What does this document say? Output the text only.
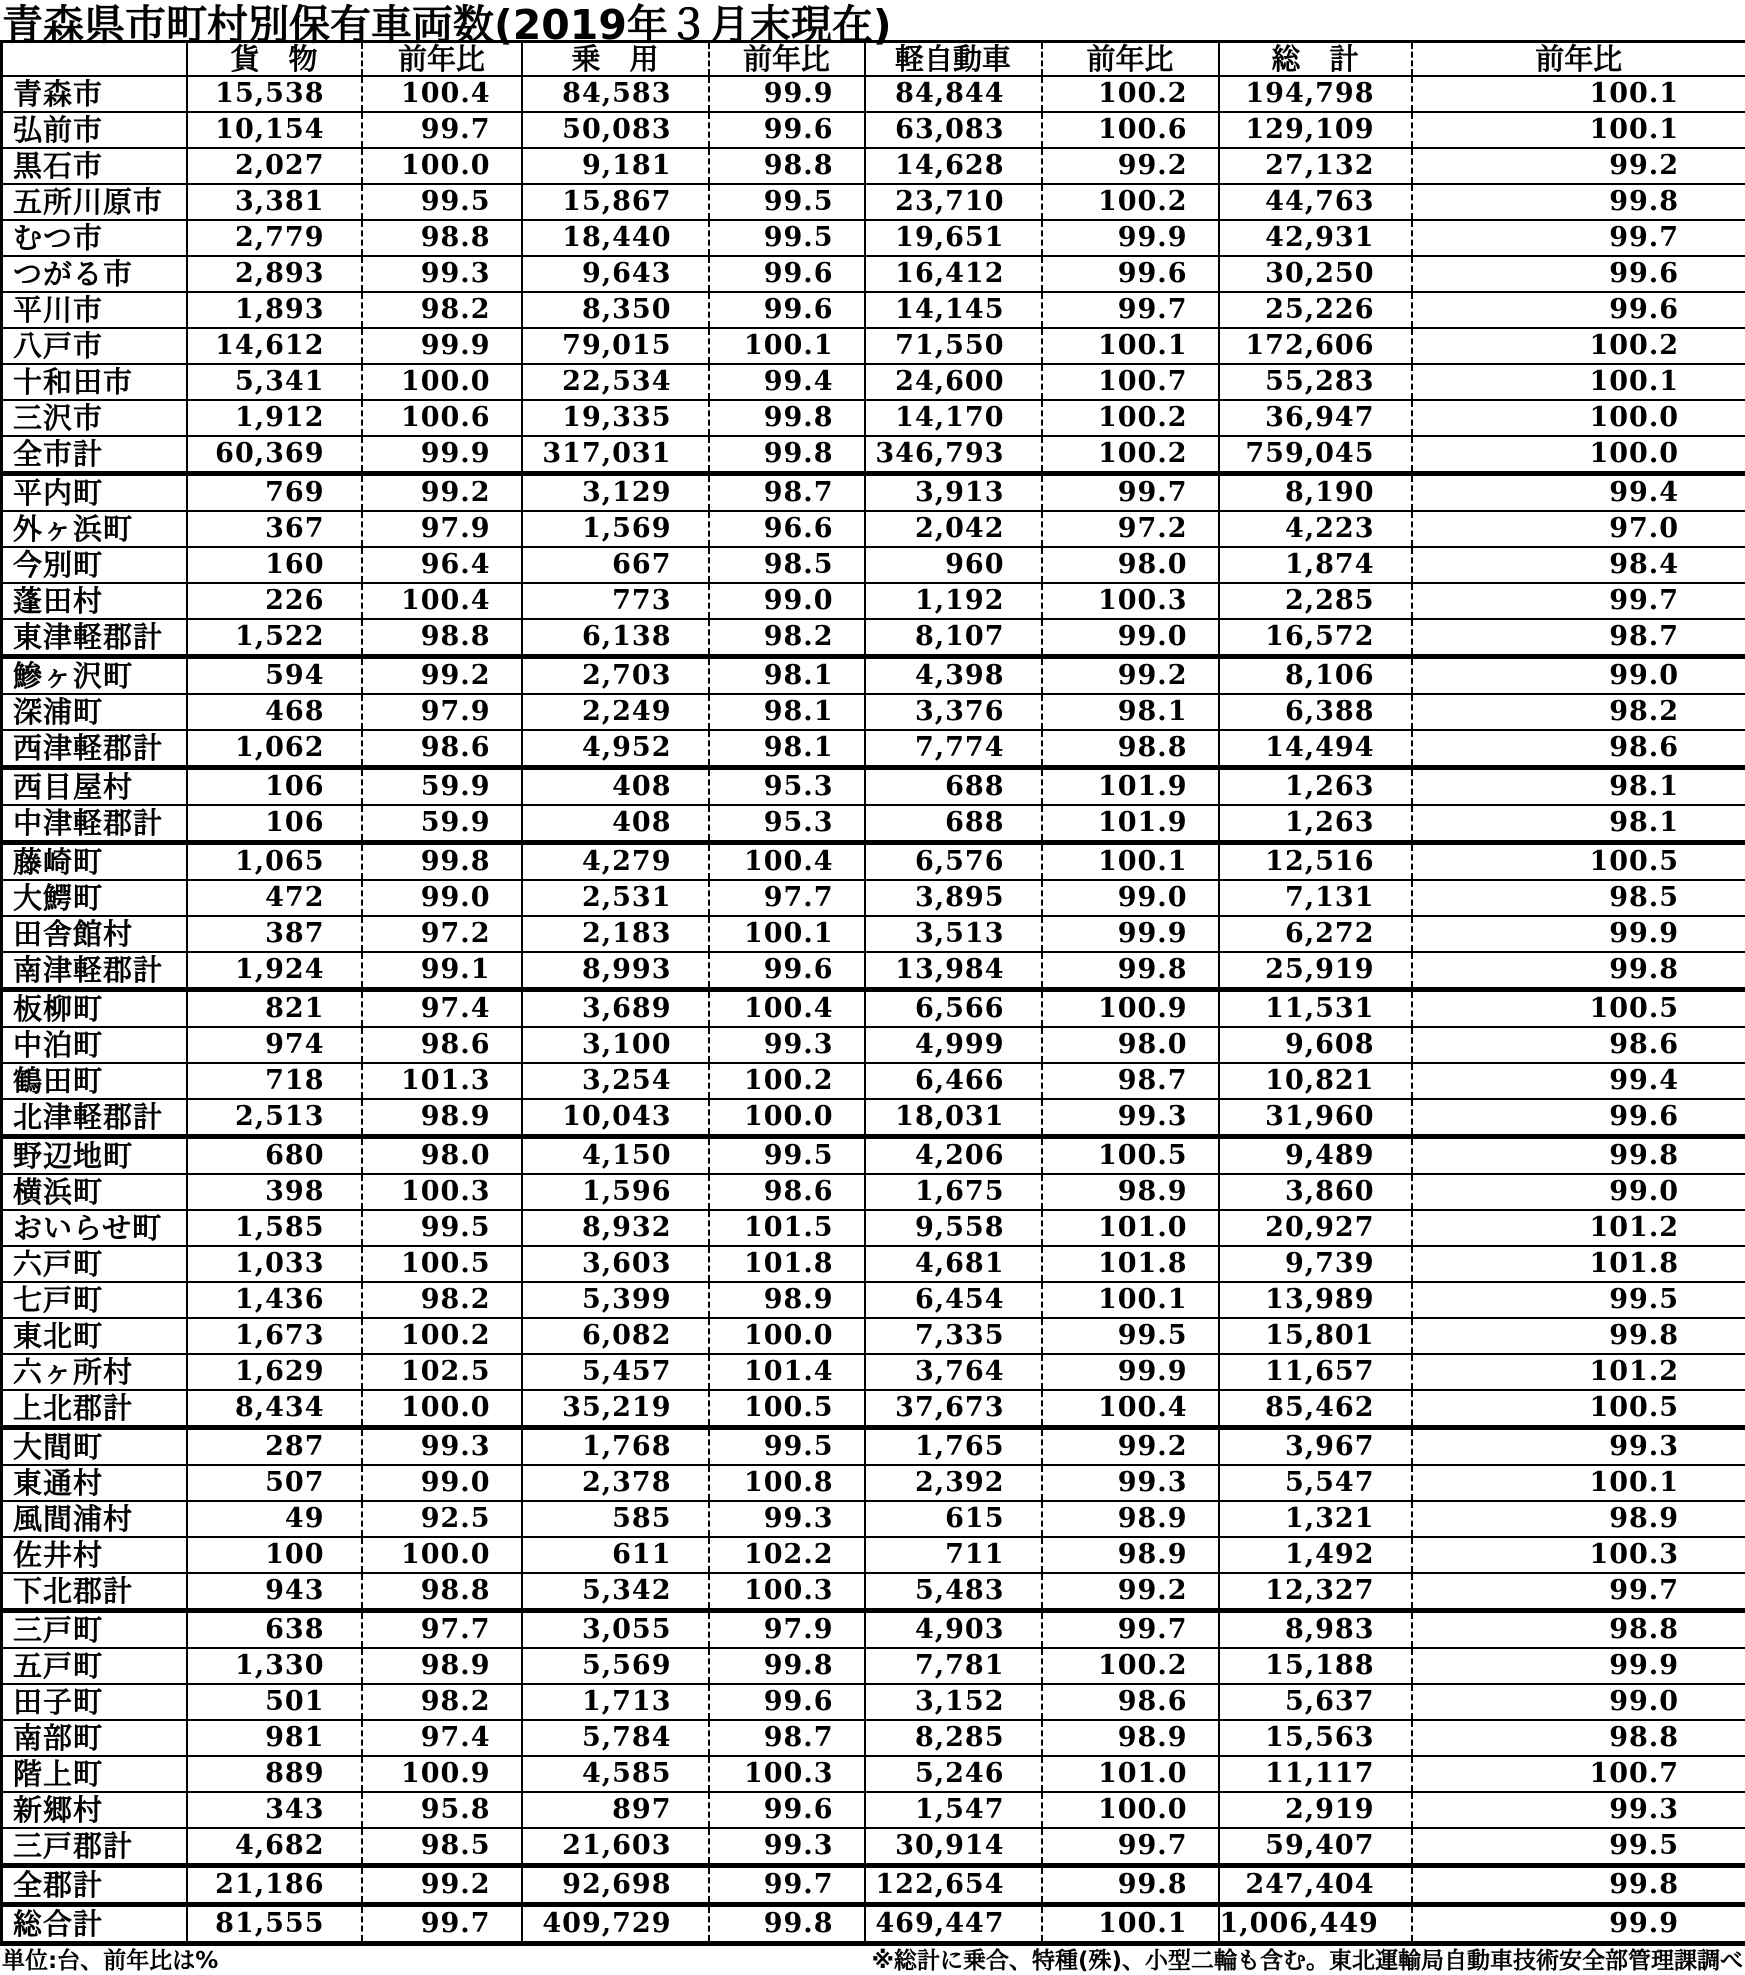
青森県市町村別保有車両数(2019年３月末現在)
	貨　物	前年比	乗　用	前年比	軽自動車	前年比	総　計	前年比
青森市	15,538	100.4	84,583	99.9	84,844	100.2	194,798	100.1
弘前市	10,154	99.7	50,083	99.6	63,083	100.6	129,109	100.1
黒石市	2,027	100.0	9,181	98.8	14,628	99.2	27,132	99.2
五所川原市	3,381	99.5	15,867	99.5	23,710	100.2	44,763	99.8
むつ市	2,779	98.8	18,440	99.5	19,651	99.9	42,931	99.7
つがる市	2,893	99.3	9,643	99.6	16,412	99.6	30,250	99.6
平川市	1,893	98.2	8,350	99.6	14,145	99.7	25,226	99.6
八戸市	14,612	99.9	79,015	100.1	71,550	100.1	172,606	100.2
十和田市	5,341	100.0	22,534	99.4	24,600	100.7	55,283	100.1
三沢市	1,912	100.6	19,335	99.8	14,170	100.2	36,947	100.0
全市計	60,369	99.9	317,031	99.8	346,793	100.2	759,045	100.0
平内町	769	99.2	3,129	98.7	3,913	99.7	8,190	99.4
外ヶ浜町	367	97.9	1,569	96.6	2,042	97.2	4,223	97.0
今別町	160	96.4	667	98.5	960	98.0	1,874	98.4
蓬田村	226	100.4	773	99.0	1,192	100.3	2,285	99.7
東津軽郡計	1,522	98.8	6,138	98.2	8,107	99.0	16,572	98.7
鰺ヶ沢町	594	99.2	2,703	98.1	4,398	99.2	8,106	99.0
深浦町	468	97.9	2,249	98.1	3,376	98.1	6,388	98.2
西津軽郡計	1,062	98.6	4,952	98.1	7,774	98.8	14,494	98.6
西目屋村	106	59.9	408	95.3	688	101.9	1,263	98.1
中津軽郡計	106	59.9	408	95.3	688	101.9	1,263	98.1
藤崎町	1,065	99.8	4,279	100.4	6,576	100.1	12,516	100.5
大鰐町	472	99.0	2,531	97.7	3,895	99.0	7,131	98.5
田舎館村	387	97.2	2,183	100.1	3,513	99.9	6,272	99.9
南津軽郡計	1,924	99.1	8,993	99.6	13,984	99.8	25,919	99.8
板柳町	821	97.4	3,689	100.4	6,566	100.9	11,531	100.5
中泊町	974	98.6	3,100	99.3	4,999	98.0	9,608	98.6
鶴田町	718	101.3	3,254	100.2	6,466	98.7	10,821	99.4
北津軽郡計	2,513	98.9	10,043	100.0	18,031	99.3	31,960	99.6
野辺地町	680	98.0	4,150	99.5	4,206	100.5	9,489	99.8
横浜町	398	100.3	1,596	98.6	1,675	98.9	3,860	99.0
おいらせ町	1,585	99.5	8,932	101.5	9,558	101.0	20,927	101.2
六戸町	1,033	100.5	3,603	101.8	4,681	101.8	9,739	101.8
七戸町	1,436	98.2	5,399	98.9	6,454	100.1	13,989	99.5
東北町	1,673	100.2	6,082	100.0	7,335	99.5	15,801	99.8
六ヶ所村	1,629	102.5	5,457	101.4	3,764	99.9	11,657	101.2
上北郡計	8,434	100.0	35,219	100.5	37,673	100.4	85,462	100.5
大間町	287	99.3	1,768	99.5	1,765	99.2	3,967	99.3
東通村	507	99.0	2,378	100.8	2,392	99.3	5,547	100.1
風間浦村	49	92.5	585	99.3	615	98.9	1,321	98.9
佐井村	100	100.0	611	102.2	711	98.9	1,492	100.3
下北郡計	943	98.8	5,342	100.3	5,483	99.2	12,327	99.7
三戸町	638	97.7	3,055	97.9	4,903	99.7	8,983	98.8
五戸町	1,330	98.9	5,569	99.8	7,781	100.2	15,188	99.9
田子町	501	98.2	1,713	99.6	3,152	98.6	5,637	99.0
南部町	981	97.4	5,784	98.7	8,285	98.9	15,563	98.8
階上町	889	100.9	4,585	100.3	5,246	101.0	11,117	100.7
新郷村	343	95.8	897	99.6	1,547	100.0	2,919	99.3
三戸郡計	4,682	98.5	21,603	99.3	30,914	99.7	59,407	99.5
全郡計	21,186	99.2	92,698	99.7	122,654	99.8	247,404	99.8
総合計	81,555	99.7	409,729	99.8	469,447	100.1	1,006,449	99.9
単位:台、前年比は%	※総計に乗合、特種(殊)、小型二輪も含む。東北運輸局自動車技術安全部管理課調べ
